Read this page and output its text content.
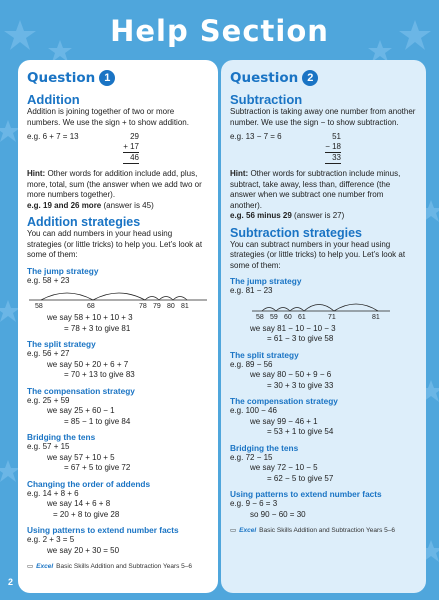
Help Section
Question 1
Addition
Addition is joining together of two or more numbers. We use the sign + to show addition.
e.g. 6 + 7 = 13	29
+ 17
46
Hint: Other words for addition include add, plus, more, total, sum (the answer when we add two or more numbers together).
e.g. 19 and 26 more (answer is 45)
Addition strategies
You can add numbers in your head using strategies (or little tricks) to help you. Let’s look at some of them:
The jump strategy
e.g. 58 + 23
58	68	78 79 80 81
we say 58 + 10 + 10 + 3
= 78 + 3 to give 81
The split strategy
e.g. 56 + 27
we say 50 + 20 + 6 + 7
= 70 + 13 to give 83
The compensation strategy
e.g. 25 + 59
we say 25 + 60 − 1
= 85 − 1 to give 84
Bridging the tens
e.g. 57 + 15
we say 57 + 10 + 5
= 67 + 5 to give 72
Changing the order of addends
e.g. 14 + 8 + 6
we say 14 + 6 + 8
= 20 + 8 to give 28
Using patterns to extend number facts
e.g. 2 + 3 = 5
we say 20 + 30 = 50
▭ Excel Basic Skills Addition and Subtraction Years 5–6
Question 2
Subtraction
Subtraction is taking away one number from another number. We use the sign − to show subtraction.
e.g. 13 − 7 = 6	51
− 18
33
Hint: Other words for subtraction include minus, subtract, take away, less than, difference (the answer when we subtract one number from another).
e.g. 56 minus 29 (answer is 27)
Subtraction strategies
You can subtract numbers in your head using strategies (or little tricks) to help you. Let’s look at some of them:
The jump strategy
e.g. 81 − 23
58 59 60 61	71	81
we say 81 − 10 − 10 − 3
= 61 − 3 to give 58
The split strategy
e.g. 89 − 56
we say 80 − 50 + 9 − 6
= 30 + 3 to give 33
The compensation strategy
e.g. 100 − 46
we say 99 − 46 + 1
= 53 + 1 to give 54
Bridging the tens
e.g. 72 − 15
we say 72 − 10 − 5
= 62 − 5 to give 57
Using patterns to extend number facts
e.g. 9 − 6 = 3
so 90 − 60 = 30
▭ Excel Basic Skills Addition and Subtraction Years 5–6
2
